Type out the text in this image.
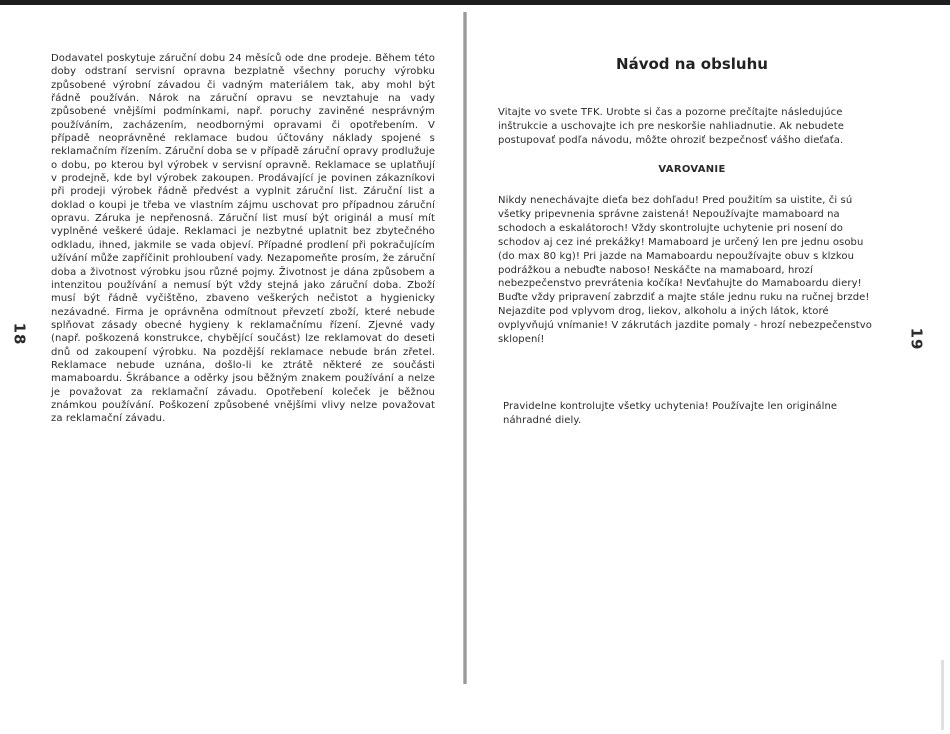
Dodavatel poskytuje záruční dobu 24 měsíců ode dne prodeje. Během této doby odstraní servisní opravna bezplatně všechny poruchy výrobku způsobené výrobní závadou či vadným materiálem tak, aby mohl být řádně používán. Nárok na záruční opravu se nevztahuje na vady způsobené vnějšími podmínkami, např. poruchy zaviněné nesprávným používáním, zacházením, neodbornými opravami či opotřebením. V případě neoprávněné reklamace budou účtovány náklady spojené s reklamačním řízením. Záruční doba se v případě záruční opravy prodlužuje o dobu, po kterou byl výrobek v servisní opravně. Reklamace se uplatňují v prodejně, kde byl výrobek zakoupen. Prodávající je povinen zákazníkovi při prodeji výrobek řádně předvést a vyplnit záruční list. Záruční list a doklad o koupi je třeba ve vlastním zájmu uschovat pro případnou záruční opravu. Záruka je nepřenosná. Záruční list musí být originál a musí mít vyplněné veškeré údaje. Reklamaci je nezbytné uplatnit bez zbytečného odkladu, ihned, jakmile se vada objeví. Případné prodlení při pokračujícím užívání může zapříčinit prohloubení vady. Nezapomeňte prosím, že záruční doba a životnost výrobku jsou různé pojmy. Životnost je dána způsobem a intenzitou používání a nemusí být vždy stejná jako záruční doba. Zboží musí být řádně vyčištěno, zbaveno veškerých nečistot a hygienicky nezávadné. Firma je oprávněna odmítnout převzetí zboží, které nebude splňovat zásady obecné hygieny k reklamačnímu řízení. Zjevné vady (např. poškozená konstrukce, chybějící součást) lze reklamovat do deseti dnů od zakoupení výrobku. Na pozdější reklamace nebude brán zřetel. Reklamace nebude uznána, došlo-li ke ztrátě některé ze součásti mamaboardu. Škrábance a oděrky jsou běžným znakem používání a nelze je považovat za reklamační závadu. Opotřebení koleček je běžnou známkou používání. Poškození způsobené vnějšími vlivy nelze považovat za reklamační závadu.
18
Návod na obsluhu
Vitajte vo svete TFK. Urobte si čas a pozorne prečítajte následujúce inštrukcie a uschovajte ich pre neskoršie nahliadnutie. Ak nebudete postupovať podľa návodu, môžte ohroziť bezpečnosť vášho dieťaťa.
VAROVANIE
Nikdy nenechávajte dieťa bez dohľadu! Pred použitím sa uistite, či sú všetky pripevnenia správne zaistená! Nepoužívajte mamaboard na schodoch a eskalátoroch! Vždy skontrolujte uchytenie pri nosení do schodov aj cez iné prekážky! Mamaboard je určený len pre jednu osobu (do max 80 kg)! Pri jazde na Mamaboardu nepoužívajte obuv s klzkou podrážkou a nebuďte naboso! Neskáčte na mamaboard, hrozí nebezpečenstvo prevrátenia kočíka! Nevťahujte do Mamaboardu diery! Buďte vždy pripravení zabrzdiť a majte stále jednu ruku na ručnej brzde! Nejazdite pod vplyvom drog, liekov, alkoholu a iných látok, ktoré ovplyvňujú vnímanie! V zákrutách jazdite pomaly - hrozí nebezpečenstvo sklopení!
Pravidelne kontrolujte všetky uchytenia! Používajte len originálne náhradné diely.
19
